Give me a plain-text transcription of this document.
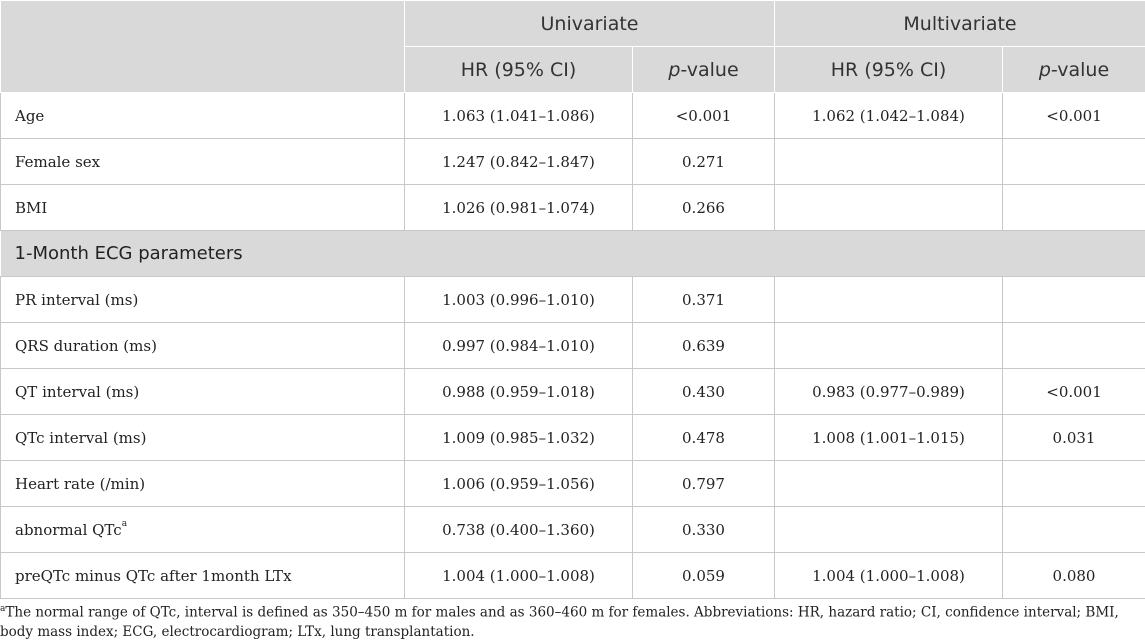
	Univariate		Multivariate	
	HR (95% CI)	p-value	HR (95% CI)	p-value
Age	1.063 (1.041–1.086)	<0.001	1.062 (1.042–1.084)	<0.001
Female sex	1.247 (0.842–1.847)	0.271		
BMI	1.026 (0.981–1.074)	0.266		
1-Month ECG parameters				
PR interval (ms)	1.003 (0.996–1.010)	0.371		
QRS duration (ms)	0.997 (0.984–1.010)	0.639		
QT interval (ms)	0.988 (0.959–1.018)	0.430	0.983 (0.977–0.989)	<0.001
QTc interval (ms)	1.009 (0.985–1.032)	0.478	1.008 (1.001–1.015)	0.031
Heart rate (/min)	1.006 (0.959–1.056)	0.797		
abnormal QTc$^a$	0.738 (0.400–1.360)	0.330		
preQTc minus QTc after 1month LTx	1.004 (1.000–1.008)	0.059	1.004 (1.000–1.008)	0.080
$^a$The normal range of QTc, interval is defined as 350–450 m for males and as 360–460 m for females. Abbreviations: HR, hazard ratio; CI, confidence interval; BMI, body mass index; ECG, electrocardiogram; LTx, lung transplantation.
